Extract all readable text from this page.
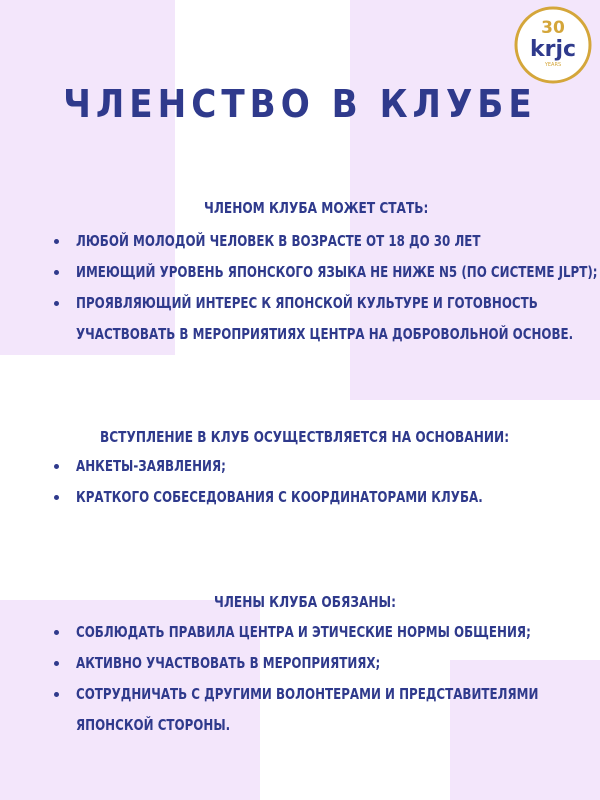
30
krjc
YEARS
ЧЛЕНСТВО В КЛУБЕ
ЧЛЕНОМ КЛУБА МОЖЕТ СТАТЬ:
ЛЮБОЙ МОЛОДОЙ ЧЕЛОВЕК В ВОЗРАСТЕ ОТ 18 ДО 30 ЛЕТ
ИМЕЮЩИЙ УРОВЕНЬ ЯПОНСКОГО ЯЗЫКА НЕ НИЖЕ N5 (ПО СИСТЕМЕ JLPT);
ПРОЯВЛЯЮЩИЙ ИНТЕРЕС К ЯПОНСКОЙ КУЛЬТУРЕ И ГОТОВНОСТЬ
УЧАСТВОВАТЬ В МЕРОПРИЯТИЯХ ЦЕНТРА НА ДОБРОВОЛЬНОЙ ОСНОВЕ.
ВСТУПЛЕНИЕ В КЛУБ ОСУЩЕСТВЛЯЕТСЯ НА ОСНОВАНИИ:
АНКЕТЫ-ЗАЯВЛЕНИЯ;
КРАТКОГО СОБЕСЕДОВАНИЯ С КООРДИНАТОРАМИ КЛУБА.
ЧЛЕНЫ КЛУБА ОБЯЗАНЫ:
СОБЛЮДАТЬ ПРАВИЛА ЦЕНТРА И ЭТИЧЕСКИЕ НОРМЫ ОБЩЕНИЯ;
АКТИВНО УЧАСТВОВАТЬ В МЕРОПРИЯТИЯХ;
СОТРУДНИЧАТЬ С ДРУГИМИ ВОЛОНТЕРАМИ И ПРЕДСТАВИТЕЛЯМИ
ЯПОНСКОЙ СТОРОНЫ.
